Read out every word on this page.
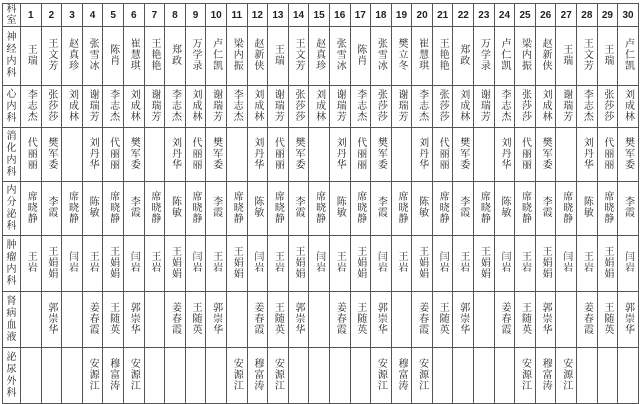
科室	1	2	3	4	5	6	7	8	9	10	11	12	13	14	15	16	17	18	19	20	21	22	23	24	25	26	27	28	29	30
神经内科	王瑞	王文芳	赵真珍	张雪冰	陈肖	崔慧琪	王艳艳	郑政	万学录	卢仁凯	梁内振	赵新侠	王瑞	王文芳	赵真珍	张雪冰	陈肖	张雪冰	樊立冬	崔慧琪	王艳艳	郑政	万学录	卢仁凯	梁内振	赵新侠	王瑞	王文芳	王瑞	卢仁凯
心内科	李志杰	张莎莎	刘成林	谢瑞芳	李志杰	刘成林	谢瑞芳	李志杰	刘成林	谢瑞芳	李志杰	刘成林	谢瑞芳	张莎莎	刘成林	谢瑞芳	李志杰	张莎莎	谢瑞芳	李志杰	张莎莎	刘成林	谢瑞芳	李志杰	张莎莎	刘成林	谢瑞芳	李志杰	张莎莎	刘成林
消化内科	代丽丽	樊军委		刘丹华	代丽丽	樊军委		刘丹华	代丽丽	樊军委		刘丹华	代丽丽	樊军委		刘丹华	代丽丽	樊军委		刘丹华	代丽丽	樊军委		刘丹华	代丽丽	樊军委		刘丹华	代丽丽	樊军委
内分泌科	席晓静	李霞	席晓静	陈敏	席晓静	李霞	席晓静	陈敏	席晓静	李霞	席晓静	陈敏	席晓静	李霞	席晓静	陈敏	席晓静	李霞	席晓静	陈敏	席晓静	李霞	席晓静	陈敏	席晓静	李霞	席晓静	陈敏	席晓静	李霞
肿瘤内科	王岩	王娟娟	闫岩	王岩	王娟娟	闫岩	王岩	王娟娟	闫岩	王岩	王娟娟	闫岩	王岩	王娟娟	闫岩	王岩	王娟娟	闫岩	王岩	王娟娟	闫岩	王岩	王娟娟	闫岩	王岩	王娟娟	闫岩	王岩	王娟娟	闫岩
肾病血液		郭崇华		姜春霞	王随英	郭崇华		姜春霞	王随英	郭崇华		姜春霞	王随英	郭崇华		姜春霞	王随英	郭崇华		姜春霞	王随英	郭崇华		姜春霞	王随英	郭崇华		姜春霞	王随英	郭崇华
泌尿外科				安源江	穆富涛	安源江					安源江	穆富涛	安源江					安源江	穆富涛	安源江					安源江	穆富涛	安源江			
